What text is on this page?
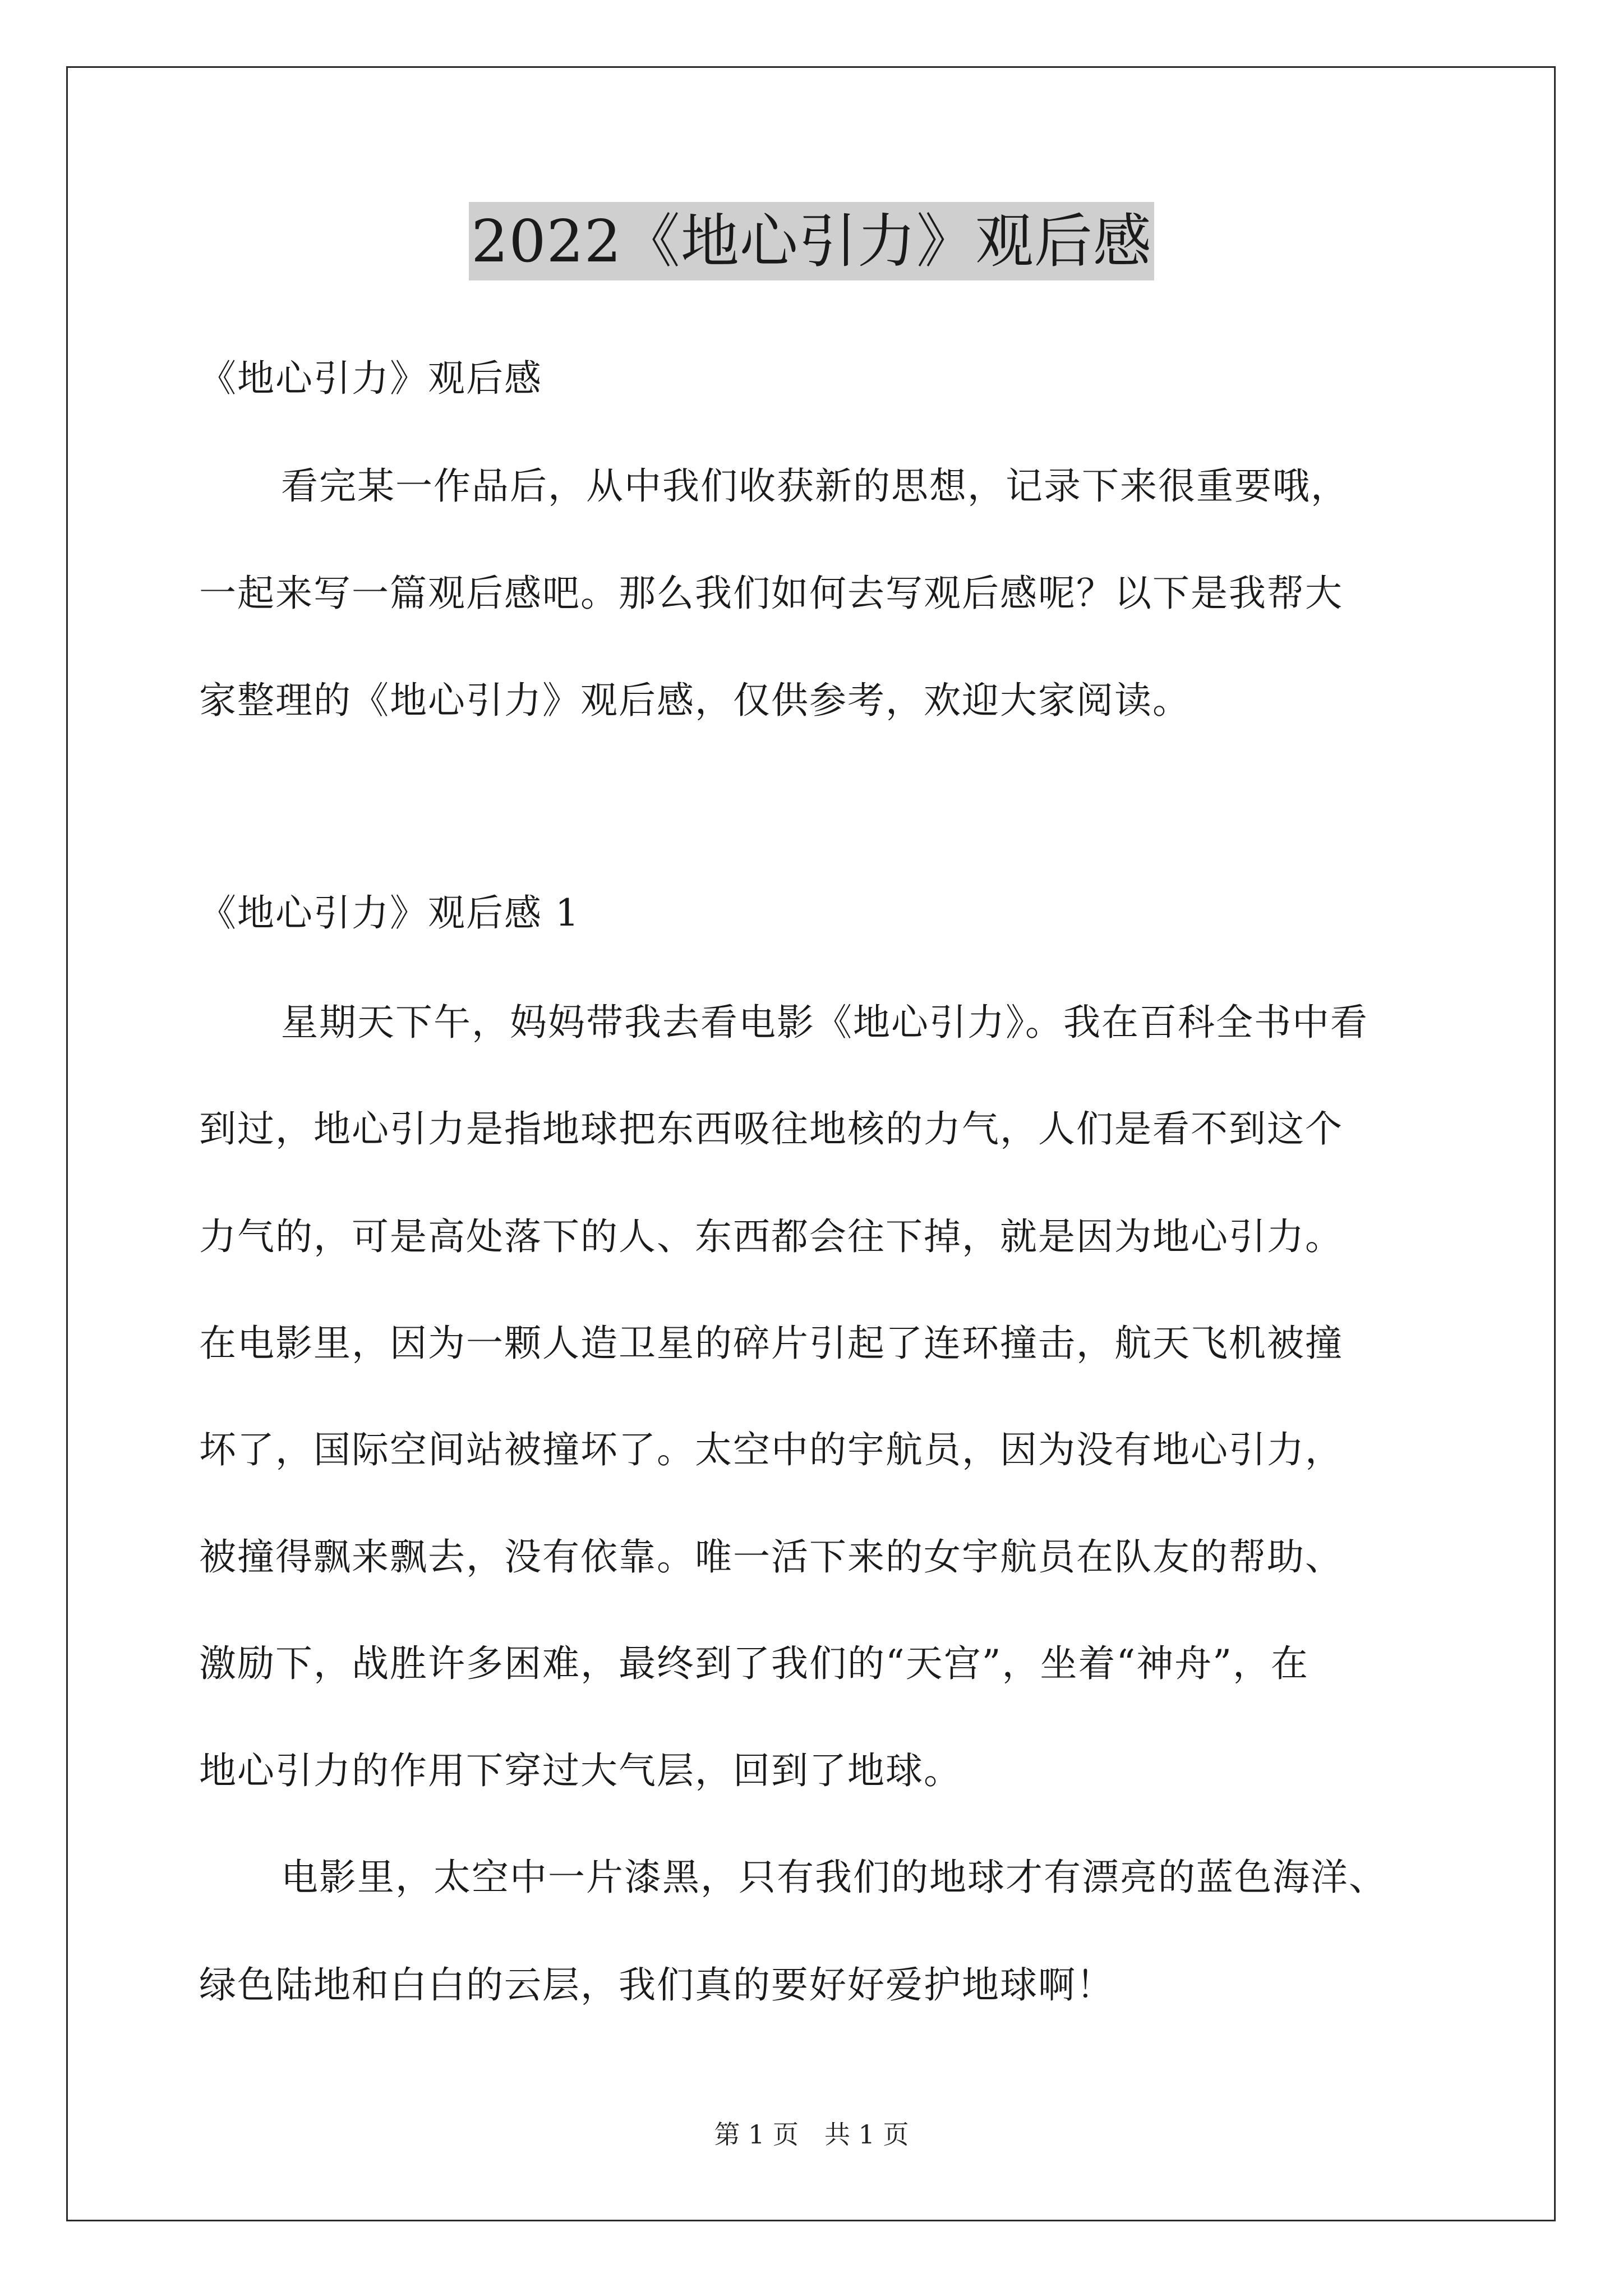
2022《地心引力》观后感
《地心引力》观后感
看完某一作品后，从中我们收获新的思想，记录下来很重要哦，
一起来写一篇观后感吧。那么我们如何去写观后感呢？以下是我帮大
家整理的《地心引力》观后感，仅供参考，欢迎大家阅读。
《地心引力》观后感 1
星期天下午，妈妈带我去看电影《地心引力》。我在百科全书中看
到过，地心引力是指地球把东西吸往地核的力气，人们是看不到这个
力气的，可是高处落下的人、东西都会往下掉，就是因为地心引力。
在电影里，因为一颗人造卫星的碎片引起了连环撞击，航天飞机被撞
坏了，国际空间站被撞坏了。太空中的宇航员，因为没有地心引力，
被撞得飘来飘去，没有依靠。唯一活下来的女宇航员在队友的帮助、
激励下，战胜许多困难，最终到了我们的“天宫”，坐着“神舟”，在
地心引力的作用下穿过大气层，回到了地球。
电影里，太空中一片漆黑，只有我们的地球才有漂亮的蓝色海洋、
绿色陆地和白白的云层，我们真的要好好爱护地球啊！
第 1 页　共 1 页
